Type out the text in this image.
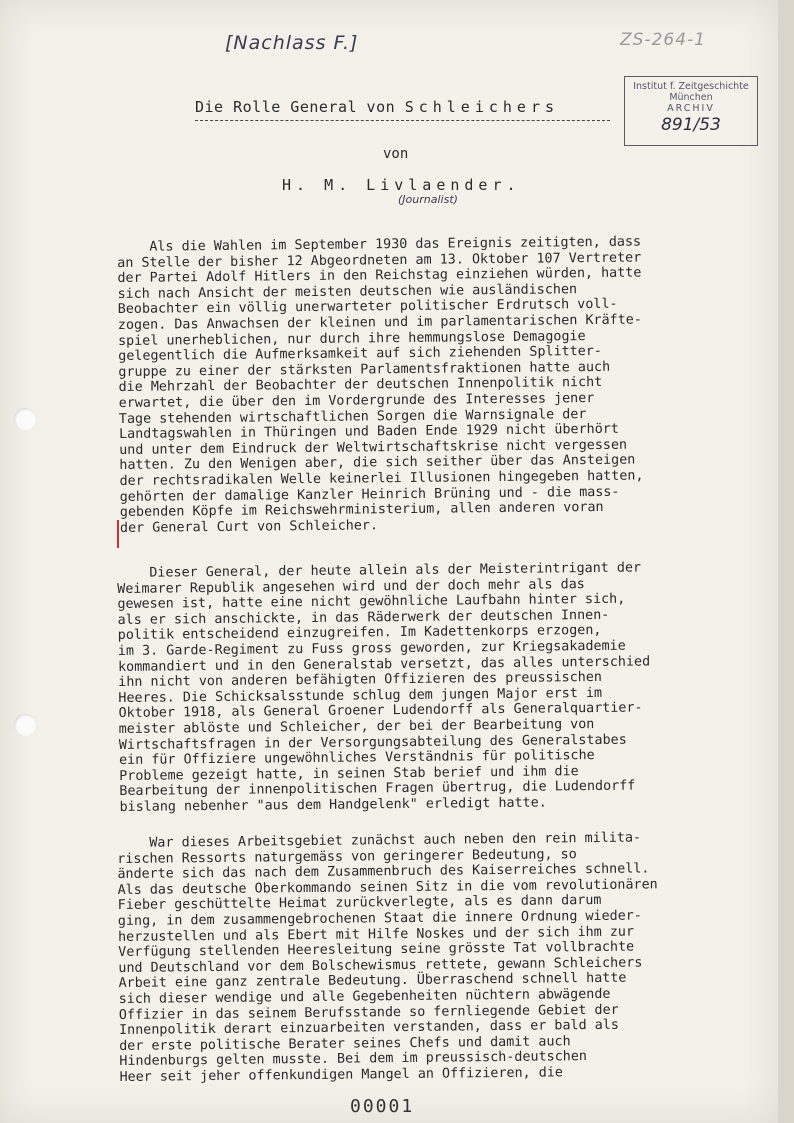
[Nachlass F.]	ZS-264-1
Institut f. Zeitgeschichte
München
ARCHIV
891/53
Die Rolle General von Schleichers
von
H. M. Livlaender.
(Journalist)
Als die Wahlen im September 1930 das Ereignis zeitigten, dass
an Stelle der bisher 12 Abgeordneten am 13. Oktober 107 Vertreter
der Partei Adolf Hitlers in den Reichstag einziehen würden, hatte
sich nach Ansicht der meisten deutschen wie ausländischen
Beobachter ein völlig unerwarteter politischer Erdrutsch voll-
zogen. Das Anwachsen der kleinen und im parlamentarischen Kräfte-
spiel unerheblichen, nur durch ihre hemmungslose Demagogie
gelegentlich die Aufmerksamkeit auf sich ziehenden Splitter-
gruppe zu einer der stärksten Parlamentsfraktionen hatte auch
die Mehrzahl der Beobachter der deutschen Innenpolitik nicht
erwartet, die über den im Vordergrunde des Interesses jener
Tage stehenden wirtschaftlichen Sorgen die Warnsignale der
Landtagswahlen in Thüringen und Baden Ende 1929 nicht überhört
und unter dem Eindruck der Weltwirtschaftskrise nicht vergessen
hatten. Zu den Wenigen aber, die sich seither über das Ansteigen
der rechtsradikalen Welle keinerlei Illusionen hingegeben hatten,
gehörten der damalige Kanzler Heinrich Brüning und - die mass-
gebenden Köpfe im Reichswehrministerium, allen anderen voran
der General Curt von Schleicher.
Dieser General, der heute allein als der Meisterintrigant der
Weimarer Republik angesehen wird und der doch mehr als das
gewesen ist, hatte eine nicht gewöhnliche Laufbahn hinter sich,
als er sich anschickte, in das Räderwerk der deutschen Innen-
politik entscheidend einzugreifen. Im Kadettenkorps erzogen,
im 3. Garde-Regiment zu Fuss gross geworden, zur Kriegsakademie
kommandiert und in den Generalstab versetzt, das alles unterschied
ihn nicht von anderen befähigten Offizieren des preussischen
Heeres. Die Schicksalsstunde schlug dem jungen Major erst im
Oktober 1918, als General Groener Ludendorff als Generalquartier-
meister ablöste und Schleicher, der bei der Bearbeitung von
Wirtschaftsfragen in der Versorgungsabteilung des Generalstabes
ein für Offiziere ungewöhnliches Verständnis für politische
Probleme gezeigt hatte, in seinen Stab berief und ihm die
Bearbeitung der innenpolitischen Fragen übertrug, die Ludendorff
bislang nebenher "aus dem Handgelenk" erledigt hatte.
War dieses Arbeitsgebiet zunächst auch neben den rein milita-
rischen Ressorts naturgemäss von geringerer Bedeutung, so
änderte sich das nach dem Zusammenbruch des Kaiserreiches schnell.
Als das deutsche Oberkommando seinen Sitz in die vom revolutionären
Fieber geschüttelte Heimat zurückverlegte, als es dann darum
ging, in dem zusammengebrochenen Staat die innere Ordnung wieder-
herzustellen und als Ebert mit Hilfe Noskes und der sich ihm zur
Verfügung stellenden Heeresleitung seine grösste Tat vollbrachte
und Deutschland vor dem Bolschewismus rettete, gewann Schleichers
Arbeit eine ganz zentrale Bedeutung. Überraschend schnell hatte
sich dieser wendige und alle Gegebenheiten nüchtern abwägende
Offizier in das seinem Berufsstande so fernliegende Gebiet der
Innenpolitik derart einzuarbeiten verstanden, dass er bald als
der erste politische Berater seines Chefs und damit auch
Hindenburgs gelten musste. Bei dem im preussisch-deutschen
Heer seit jeher offenkundigen Mangel an Offizieren, die
00001
